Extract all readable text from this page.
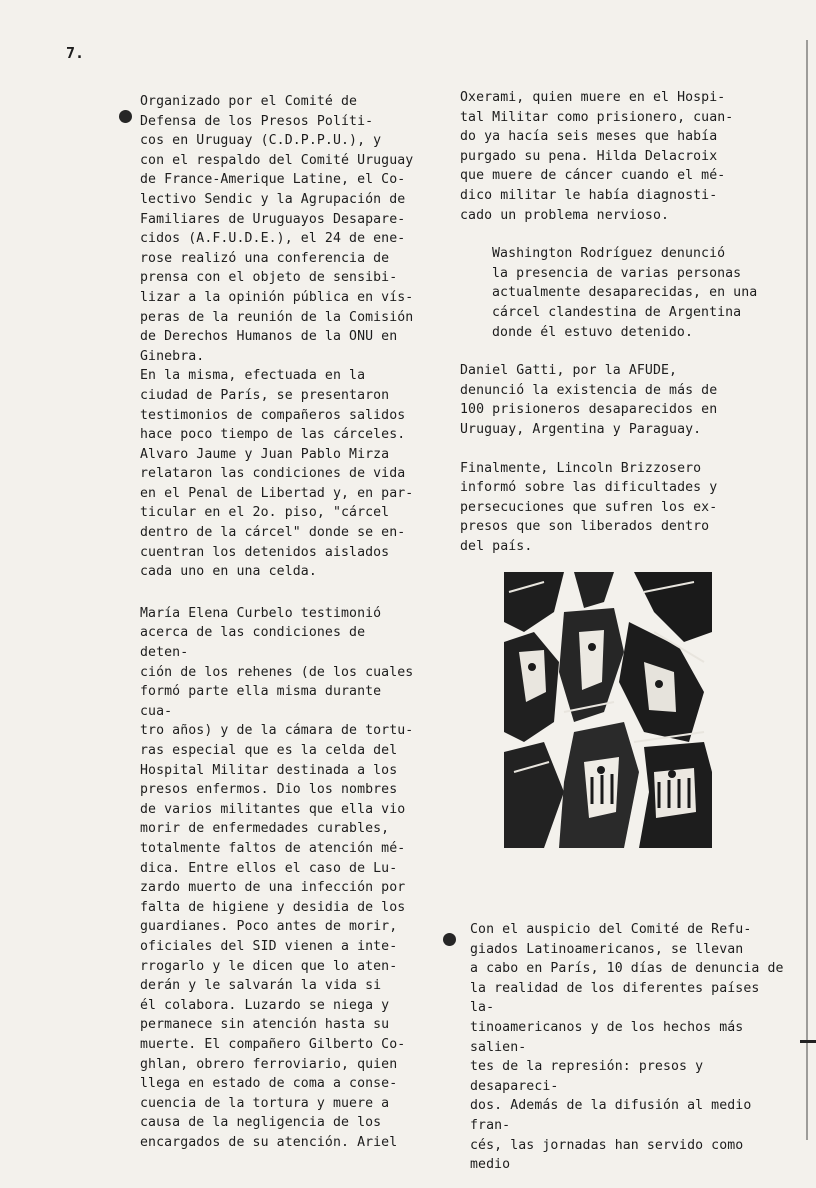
7.

Organizado por el Comité de
Defensa de los Presos Políti-
cos en Uruguay (C.D.P.P.U.), y
con el respaldo del Comité Uruguay
de France-Amerique Latine, el Co-
lectivo Sendic y la Agrupación de
Familiares de Uruguayos Desapare-
cidos (A.F.U.D.E.), el 24 de ene-
rose realizó una conferencia de
prensa con el objeto de sensibi-
lizar a la opinión pública en vís-
peras de la reunión de la Comisión
de Derechos Humanos de la ONU en
Ginebra.

En la misma, efectuada en la
ciudad de París, se presentaron
testimonios de compañeros salidos
hace poco tiempo de las cárceles.
Alvaro Jaume y Juan Pablo Mirza
relataron las condiciones de vida
en el Penal de Libertad y, en par-
ticular en el 2o. piso, "cárcel
dentro de la cárcel" donde se en-
cuentran los detenidos aislados
cada uno en una celda.

María Elena Curbelo testimonió
acerca de las condiciones de deten-
ción de los rehenes (de los cuales
formó parte ella misma durante cua-
tro años) y de la cámara de tortu-
ras especial que es la celda del
Hospital Militar destinada a los
presos enfermos. Dio los nombres
de varios militantes que ella vio
morir de enfermedades curables,
totalmente faltos de atención mé-
dica. Entre ellos el caso de Lu-
zardo muerto de una infección por
falta de higiene y desidia de los
guardianes. Poco antes de morir,
oficiales del SID vienen a inte-
rrogarlo y le dicen que lo aten-
derán y le salvarán la vida si
él colabora. Luzardo se niega y
permanece sin atención hasta su
muerte. El compañero Gilberto Co-
ghlan, obrero ferroviario, quien
llega en estado de coma a conse-
cuencia de la tortura y muere a
causa de la negligencia de los
encargados de su atención. Ariel

Oxerami, quien muere en el Hospi-
tal Militar como prisionero, cuan-
do ya hacía seis meses que había
purgado su pena. Hilda Delacroix
que muere de cáncer cuando el mé-
dico militar le había diagnosti-
cado un problema nervioso.

Washington Rodríguez denunció
la presencia de varias personas
actualmente desaparecidas, en una
cárcel clandestina de Argentina
donde él estuvo detenido.

Daniel Gatti, por la AFUDE,
denunció la existencia de más de
100 prisioneros desaparecidos en
Uruguay, Argentina y Paraguay.

Finalmente, Lincoln Brizzosero
informó sobre las dificultades y
persecuciones que sufren los ex-
presos que son liberados dentro
del país.

Con el auspicio del Comité de Refu-
giados Latinoamericanos, se llevan
a cabo en París, 10 días de denuncia de
la realidad de los diferentes países la-
tinoamericanos y de los hechos más salien-
tes de la represión: presos y desapareci-
dos. Además de la difusión al medio fran-
cés, las jornadas han servido como medio
